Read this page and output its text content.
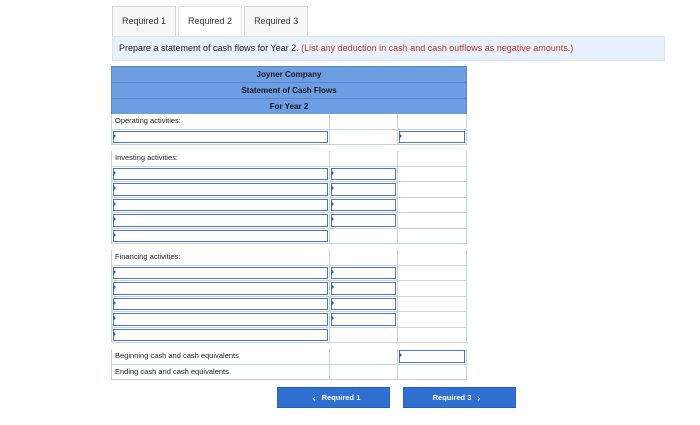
Required 1	Required 2	Required 3
Prepare a statement of cash flows for Year 2. (List any deduction in cash and cash outflows as negative amounts.)
Joyner Company
Statement of Cash Flows
For Year 2
Operating activities:
Investing activities:
Financing activities:
Beginning cash and cash equivalents
Ending cash and cash equivalents
‹ Required 1	Required 3 ›
